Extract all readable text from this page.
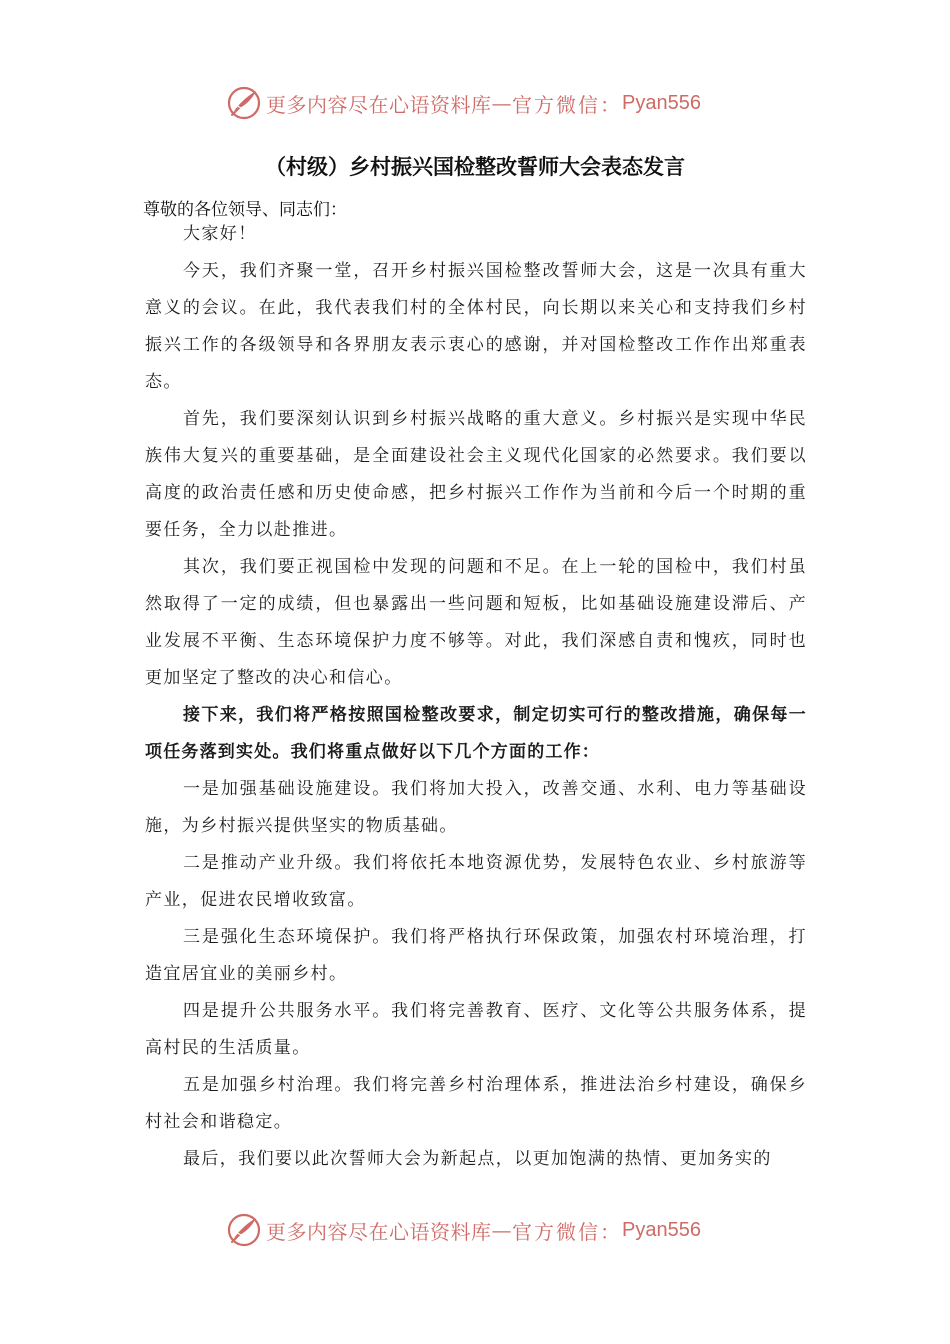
更多内容尽在心语资料库 — 官方微信： Pyan556
（村级）乡村振兴国检整改誓师大会表态发言
尊敬的各位领导、同志们：

大家好！

今天，我们齐聚一堂，召开乡村振兴国检整改誓师大会，这是一次具有重大意义的会议。在此，我代表我们村的全体村民，向长期以来关心和支持我们乡村振兴工作的各级领导和各界朋友表示衷心的感谢，并对国检整改工作作出郑重表态。

首先，我们要深刻认识到乡村振兴战略的重大意义。乡村振兴是实现中华民族伟大复兴的重要基础，是全面建设社会主义现代化国家的必然要求。我们要以高度的政治责任感和历史使命感，把乡村振兴工作作为当前和今后一个时期的重要任务，全力以赴推进。

其次，我们要正视国检中发现的问题和不足。在上一轮的国检中，我们村虽然取得了一定的成绩，但也暴露出一些问题和短板，比如基础设施建设滞后、产业发展不平衡、生态环境保护力度不够等。对此，我们深感自责和愧疚，同时也更加坚定了整改的决心和信心。

接下来，我们将严格按照国检整改要求，制定切实可行的整改措施，确保每一项任务落到实处。我们将重点做好以下几个方面的工作：

一是加强基础设施建设。我们将加大投入，改善交通、水利、电力等基础设施，为乡村振兴提供坚实的物质基础。

二是推动产业升级。我们将依托本地资源优势，发展特色农业、乡村旅游等产业，促进农民增收致富。

三是强化生态环境保护。我们将严格执行环保政策，加强农村环境治理，打造宜居宜业的美丽乡村。

四是提升公共服务水平。我们将完善教育、医疗、文化等公共服务体系，提高村民的生活质量。

五是加强乡村治理。我们将完善乡村治理体系，推进法治乡村建设，确保乡村社会和谐稳定。

最后，我们要以此次誓师大会为新起点，以更加饱满的热情、更加务实的

更多内容尽在心语资料库 — 官方微信： Pyan556
